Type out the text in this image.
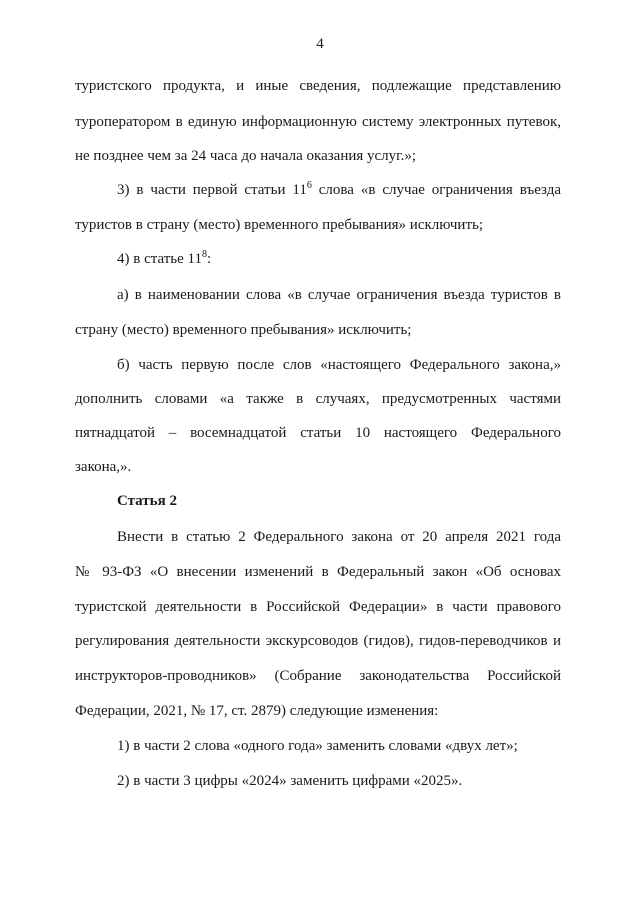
4
туристского продукта, и иные сведения, подлежащие представлению
туроператором в единую информационную систему электронных путевок,
не позднее чем за 24 часа до начала оказания услуг.»;
3) в части первой статьи $11^6$ слова «в случае ограничения въезда
туристов в страну (место) временного пребывания» исключить;
4) в статье $11^8$:
а) в наименовании слова «в случае ограничения въезда туристов в
страну (место) временного пребывания» исключить;
б) часть первую после слов «настоящего Федерального закона,»
дополнить словами «а также в случаях, предусмотренных частями
пятнадцатой – восемнадцатой статьи 10 настоящего Федерального
закона,».
Статья 2
Внести в статью 2 Федерального закона от 20 апреля 2021 года
№ 93-ФЗ «О внесении изменений в Федеральный закон «Об основах
туристской деятельности в Российской Федерации» в части правового
регулирования деятельности экскурсоводов (гидов), гидов-переводчиков и
инструкторов-проводников» (Собрание законодательства Российской
Федерации, 2021, № 17, ст. 2879) следующие изменения:
1) в части 2 слова «одного года» заменить словами «двух лет»;
2) в части 3 цифры «2024» заменить цифрами «2025».
